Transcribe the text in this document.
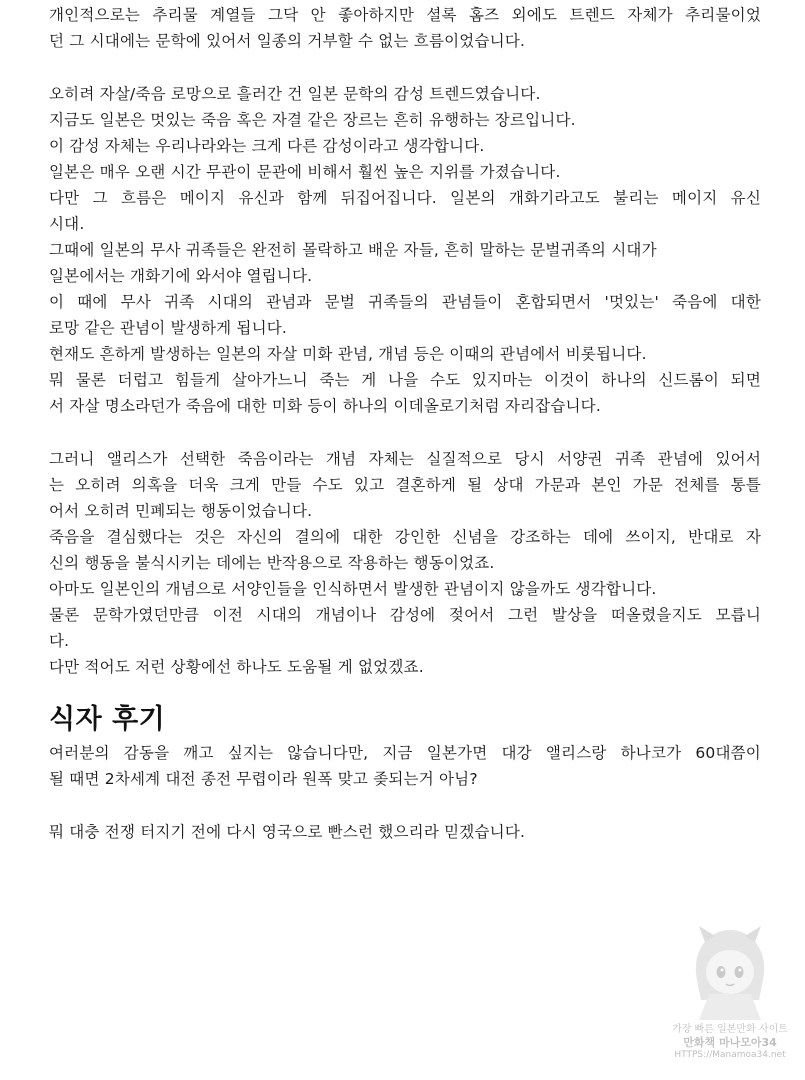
개인적으로는 추리물 계열들 그닥 안 좋아하지만 셜록 홈즈 외에도 트렌드 자체가 추리물이었
던 그 시대에는 문학에 있어서 일종의 거부할 수 없는 흐름이었습니다.
오히려 자살/죽음 로망으로 흘러간 건 일본 문학의 감성 트렌드였습니다.
지금도 일본은 멋있는 죽음 혹은 자결 같은 장르는 흔히 유행하는 장르입니다.
이 감성 자체는 우리나라와는 크게 다른 감성이라고 생각합니다.
일본은 매우 오랜 시간 무관이 문관에 비해서 훨씬 높은 지위를 가졌습니다.
다만 그 흐름은 메이지 유신과 함께 뒤집어집니다. 일본의 개화기라고도 불리는 메이지 유신
시대.
그때에 일본의 무사 귀족들은 완전히 몰락하고 배운 자들, 흔히 말하는 문벌귀족의 시대가
일본에서는 개화기에 와서야 열립니다.
이 때에 무사 귀족 시대의 관념과 문벌 귀족들의 관념들이 혼합되면서 '멋있는' 죽음에 대한
로망 같은 관념이 발생하게 됩니다.
현재도 흔하게 발생하는 일본의 자살 미화 관념, 개념 등은 이때의 관념에서 비롯됩니다.
뭐 물론 더럽고 힘들게 살아가느니 죽는 게 나을 수도 있지마는 이것이 하나의 신드롬이 되면
서 자살 명소라던가 죽음에 대한 미화 등이 하나의 이데올로기처럼 자리잡습니다.
그러니 앨리스가 선택한 죽음이라는 개념 자체는 실질적으로 당시 서양권 귀족 관념에 있어서
는 오히려 의혹을 더욱 크게 만들 수도 있고 결혼하게 될 상대 가문과 본인 가문 전체를 통틀
어서 오히려 민폐되는 행동이었습니다.
죽음을 결심했다는 것은 자신의 결의에 대한 강인한 신념을 강조하는 데에 쓰이지, 반대로 자
신의 행동을 불식시키는 데에는 반작용으로 작용하는 행동이었죠.
아마도 일본인의 개념으로 서양인들을 인식하면서 발생한 관념이지 않을까도 생각합니다.
물론 문학가였던만큼 이전 시대의 개념이나 감성에 젖어서 그런 발상을 떠올렸을지도 모릅니
다.
다만 적어도 저런 상황에선 하나도 도움될 게 없었겠죠.
식자 후기
여러분의 감동을 깨고 싶지는 않습니다만, 지금 일본가면 대강 앨리스랑 하나코가 60대쯤이
될 때면 2차세계 대전 종전 무렵이라 원폭 맞고 좆되는거 아님?
뭐 대충 전쟁 터지기 전에 다시 영국으로 빤스런 했으리라 믿겠습니다.
가장 빠른 일본만화 사이트
만화책 마나모아34
HTTPS://Manamoa34.net
